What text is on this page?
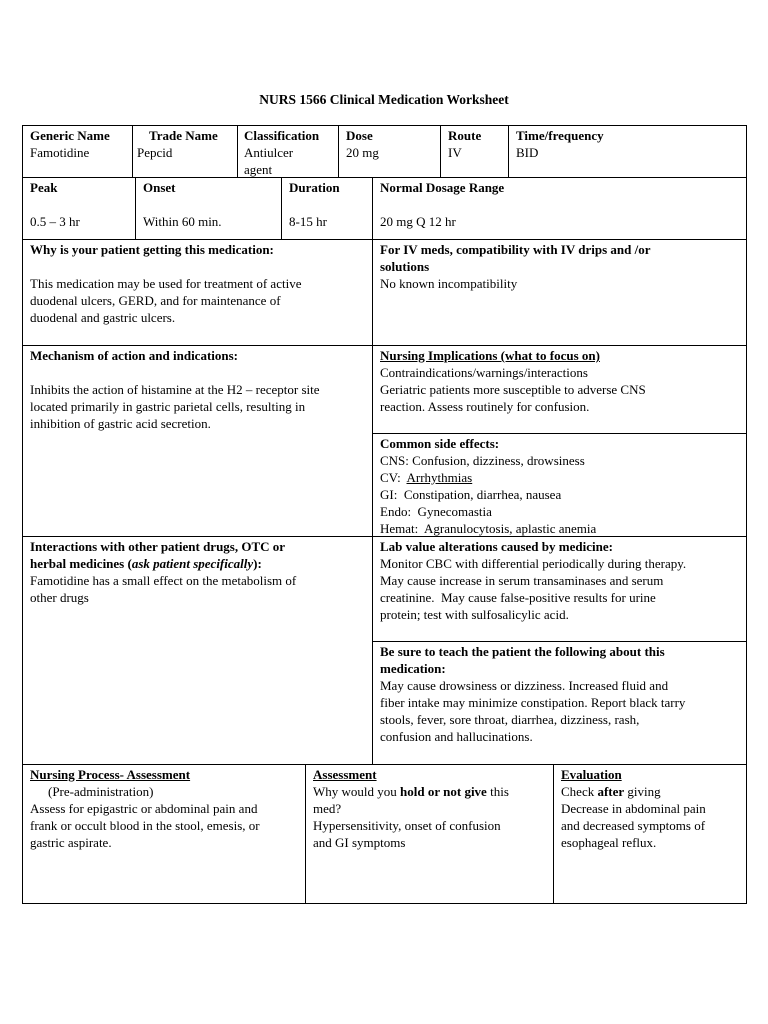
NURS 1566 Clinical Medication Worksheet
Generic Name
Famotidine
Trade Name
Pepcid
Classification
Antiulcer
agent
Dose
20 mg
Route
IV
Time/frequency
BID
Peak
0.5 – 3 hr
Onset
Within 60 min.
Duration
8-15 hr
Normal Dosage Range
20 mg Q 12 hr
Why is your patient getting this medication:
This medication may be used for treatment of active
duodenal ulcers, GERD, and for maintenance of
duodenal and gastric ulcers.
For IV meds, compatibility with IV drips and /or
solutions
No known incompatibility
Mechanism of action and indications:
Inhibits the action of histamine at the H2 – receptor site
located primarily in gastric parietal cells, resulting in
inhibition of gastric acid secretion.
Nursing Implications (what to focus on)
Contraindications/warnings/interactions
Geriatric patients more susceptible to adverse CNS
reaction. Assess routinely for confusion.
Common side effects:
CNS: Confusion, dizziness, drowsiness
CV:  Arrhythmias
GI:  Constipation, diarrhea, nausea
Endo:  Gynecomastia
Hemat:  Agranulocytosis, aplastic anemia
Interactions with other patient drugs, OTC or
herbal medicines (ask patient specifically):
Famotidine has a small effect on the metabolism of
other drugs
Lab value alterations caused by medicine:
Monitor CBC with differential periodically during therapy.
May cause increase in serum transaminases and serum
creatinine.  May cause false-positive results for urine
protein; test with sulfosalicylic acid.
Be sure to teach the patient the following about this
medication:
May cause drowsiness or dizziness. Increased fluid and
fiber intake may minimize constipation. Report black tarry
stools, fever, sore throat, diarrhea, dizziness, rash,
confusion and hallucinations.
Nursing Process- Assessment
(Pre-administration)
Assess for epigastric or abdominal pain and
frank or occult blood in the stool, emesis, or
gastric aspirate.
Assessment
Why would you hold or not give this
med?
Hypersensitivity, onset of confusion
and GI symptoms
Evaluation
Check after giving
Decrease in abdominal pain
and decreased symptoms of
esophageal reflux.
